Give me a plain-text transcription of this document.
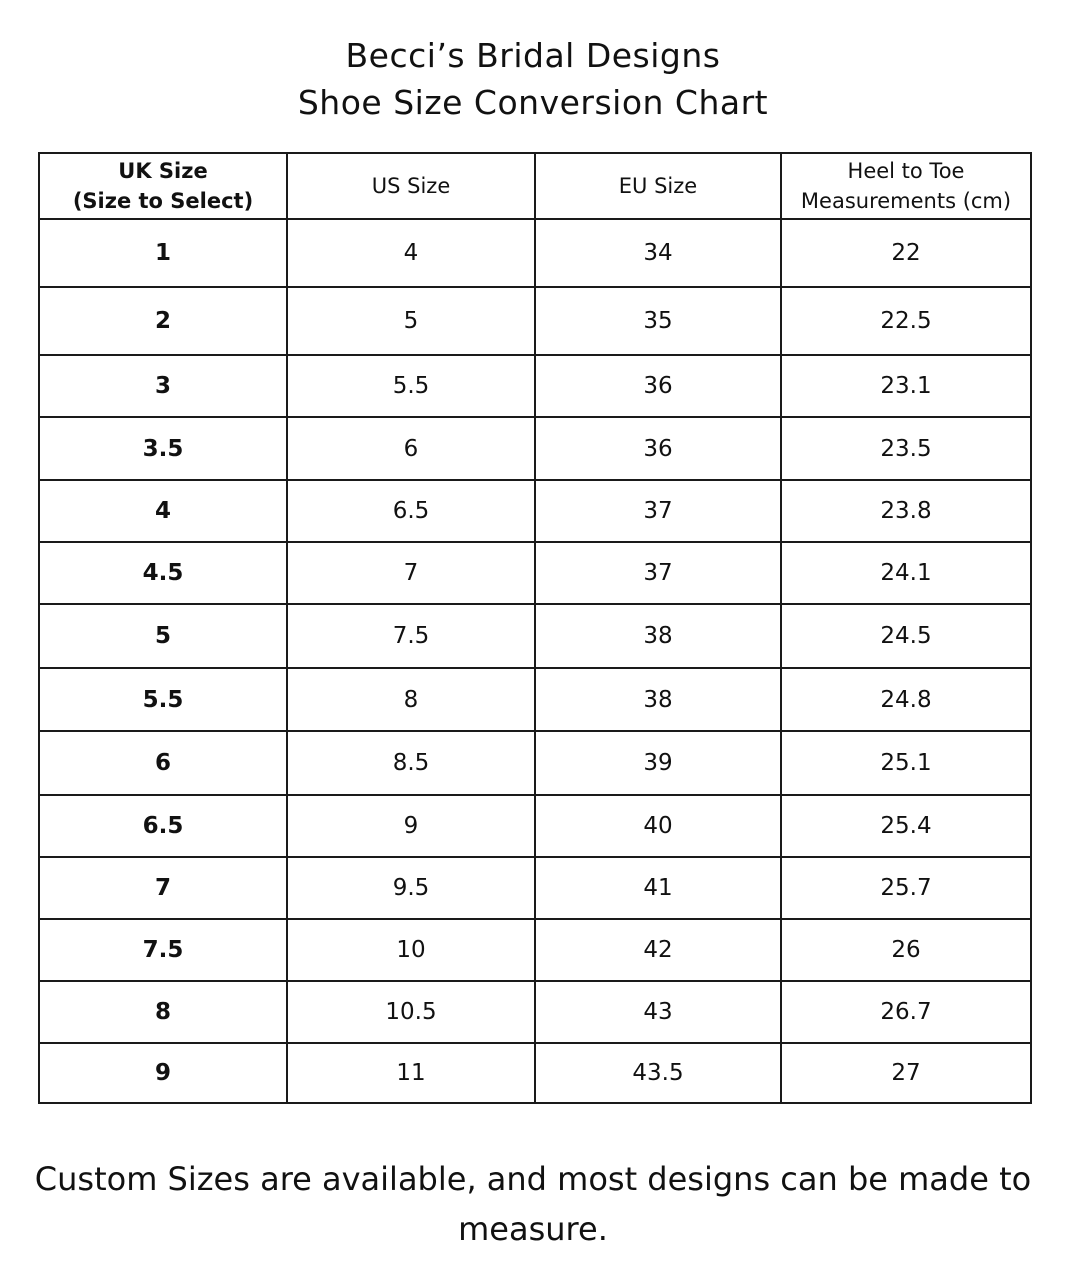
Becci’s Bridal Designs
Shoe Size Conversion Chart
UK Size
(Size to Select)	US Size	EU Size	Heel to Toe
Measurements (cm)
1	4	34	22
2	5	35	22.5
3	5.5	36	23.1
3.5	6	36	23.5
4	6.5	37	23.8
4.5	7	37	24.1
5	7.5	38	24.5
5.5	8	38	24.8
6	8.5	39	25.1
6.5	9	40	25.4
7	9.5	41	25.7
7.5	10	42	26
8	10.5	43	26.7
9	11	43.5	27
Custom Sizes are available, and most designs can be made to measure.
